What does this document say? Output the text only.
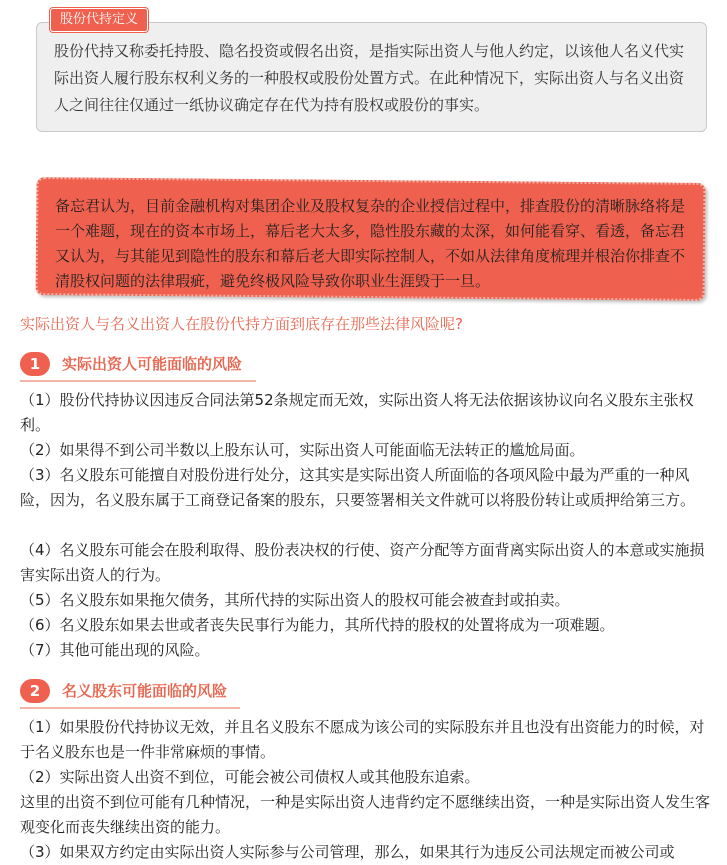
股份代持定义

股份代持又称委托持股、隐名投资或假名出资，是指实际出资人与他人约定，以该他人名义代实际出资人履行股东权利义务的一种股权或股份处置方式。在此种情况下，实际出资人与名义出资人之间往往仅通过一纸协议确定存在代为持有股权或股份的事实。

备忘君认为，目前金融机构对集团企业及股权复杂的企业授信过程中，排查股份的清晰脉络将是一个难题，现在的资本市场上，幕后老大太多，隐性股东藏的太深，如何能看穿、看透，备忘君又认为，与其能见到隐性的股东和幕后老大即实际控制人，不如从法律角度梳理并根治你排查不清股权问题的法律瑕疵，避免终极风险导致你职业生涯毁于一旦。

实际出资人与名义出资人在股份代持方面到底存在那些法律风险呢?

1	实际出资人可能面临的风险

（1）股份代持协议因违反合同法第52条规定而无效，实际出资人将无法依据该协议向名义股东主张权利。

（2）如果得不到公司半数以上股东认可，实际出资人可能面临无法转正的尴尬局面。

（3）名义股东可能擅自对股份进行处分，这其实是实际出资人所面临的各项风险中最为严重的一种风险，因为，名义股东属于工商登记备案的股东，只要签署相关文件就可以将股份转让或质押给第三方。

（4）名义股东可能会在股利取得、股份表决权的行使、资产分配等方面背离实际出资人的本意或实施损害实际出资人的行为。

（5）名义股东如果拖欠债务，其所代持的实际出资人的股权可能会被查封或拍卖。

（6）名义股东如果去世或者丧失民事行为能力，其所代持的股权的处置将成为一项难题。

（7）其他可能出现的风险。

2	名义股东可能面临的风险

（1）如果股份代持协议无效，并且名义股东不愿成为该公司的实际股东并且也没有出资能力的时候，对于名义股东也是一件非常麻烦的事情。

（2）实际出资人出资不到位，可能会被公司债权人或其他股东追索。

这里的出资不到位可能有几种情况，一种是实际出资人违背约定不愿继续出资，一种是实际出资人发生客观变化而丧失继续出资的能力。

（3）如果双方约定由实际出资人实际参与公司管理，那么，如果其行为违反公司法规定而被公司或
